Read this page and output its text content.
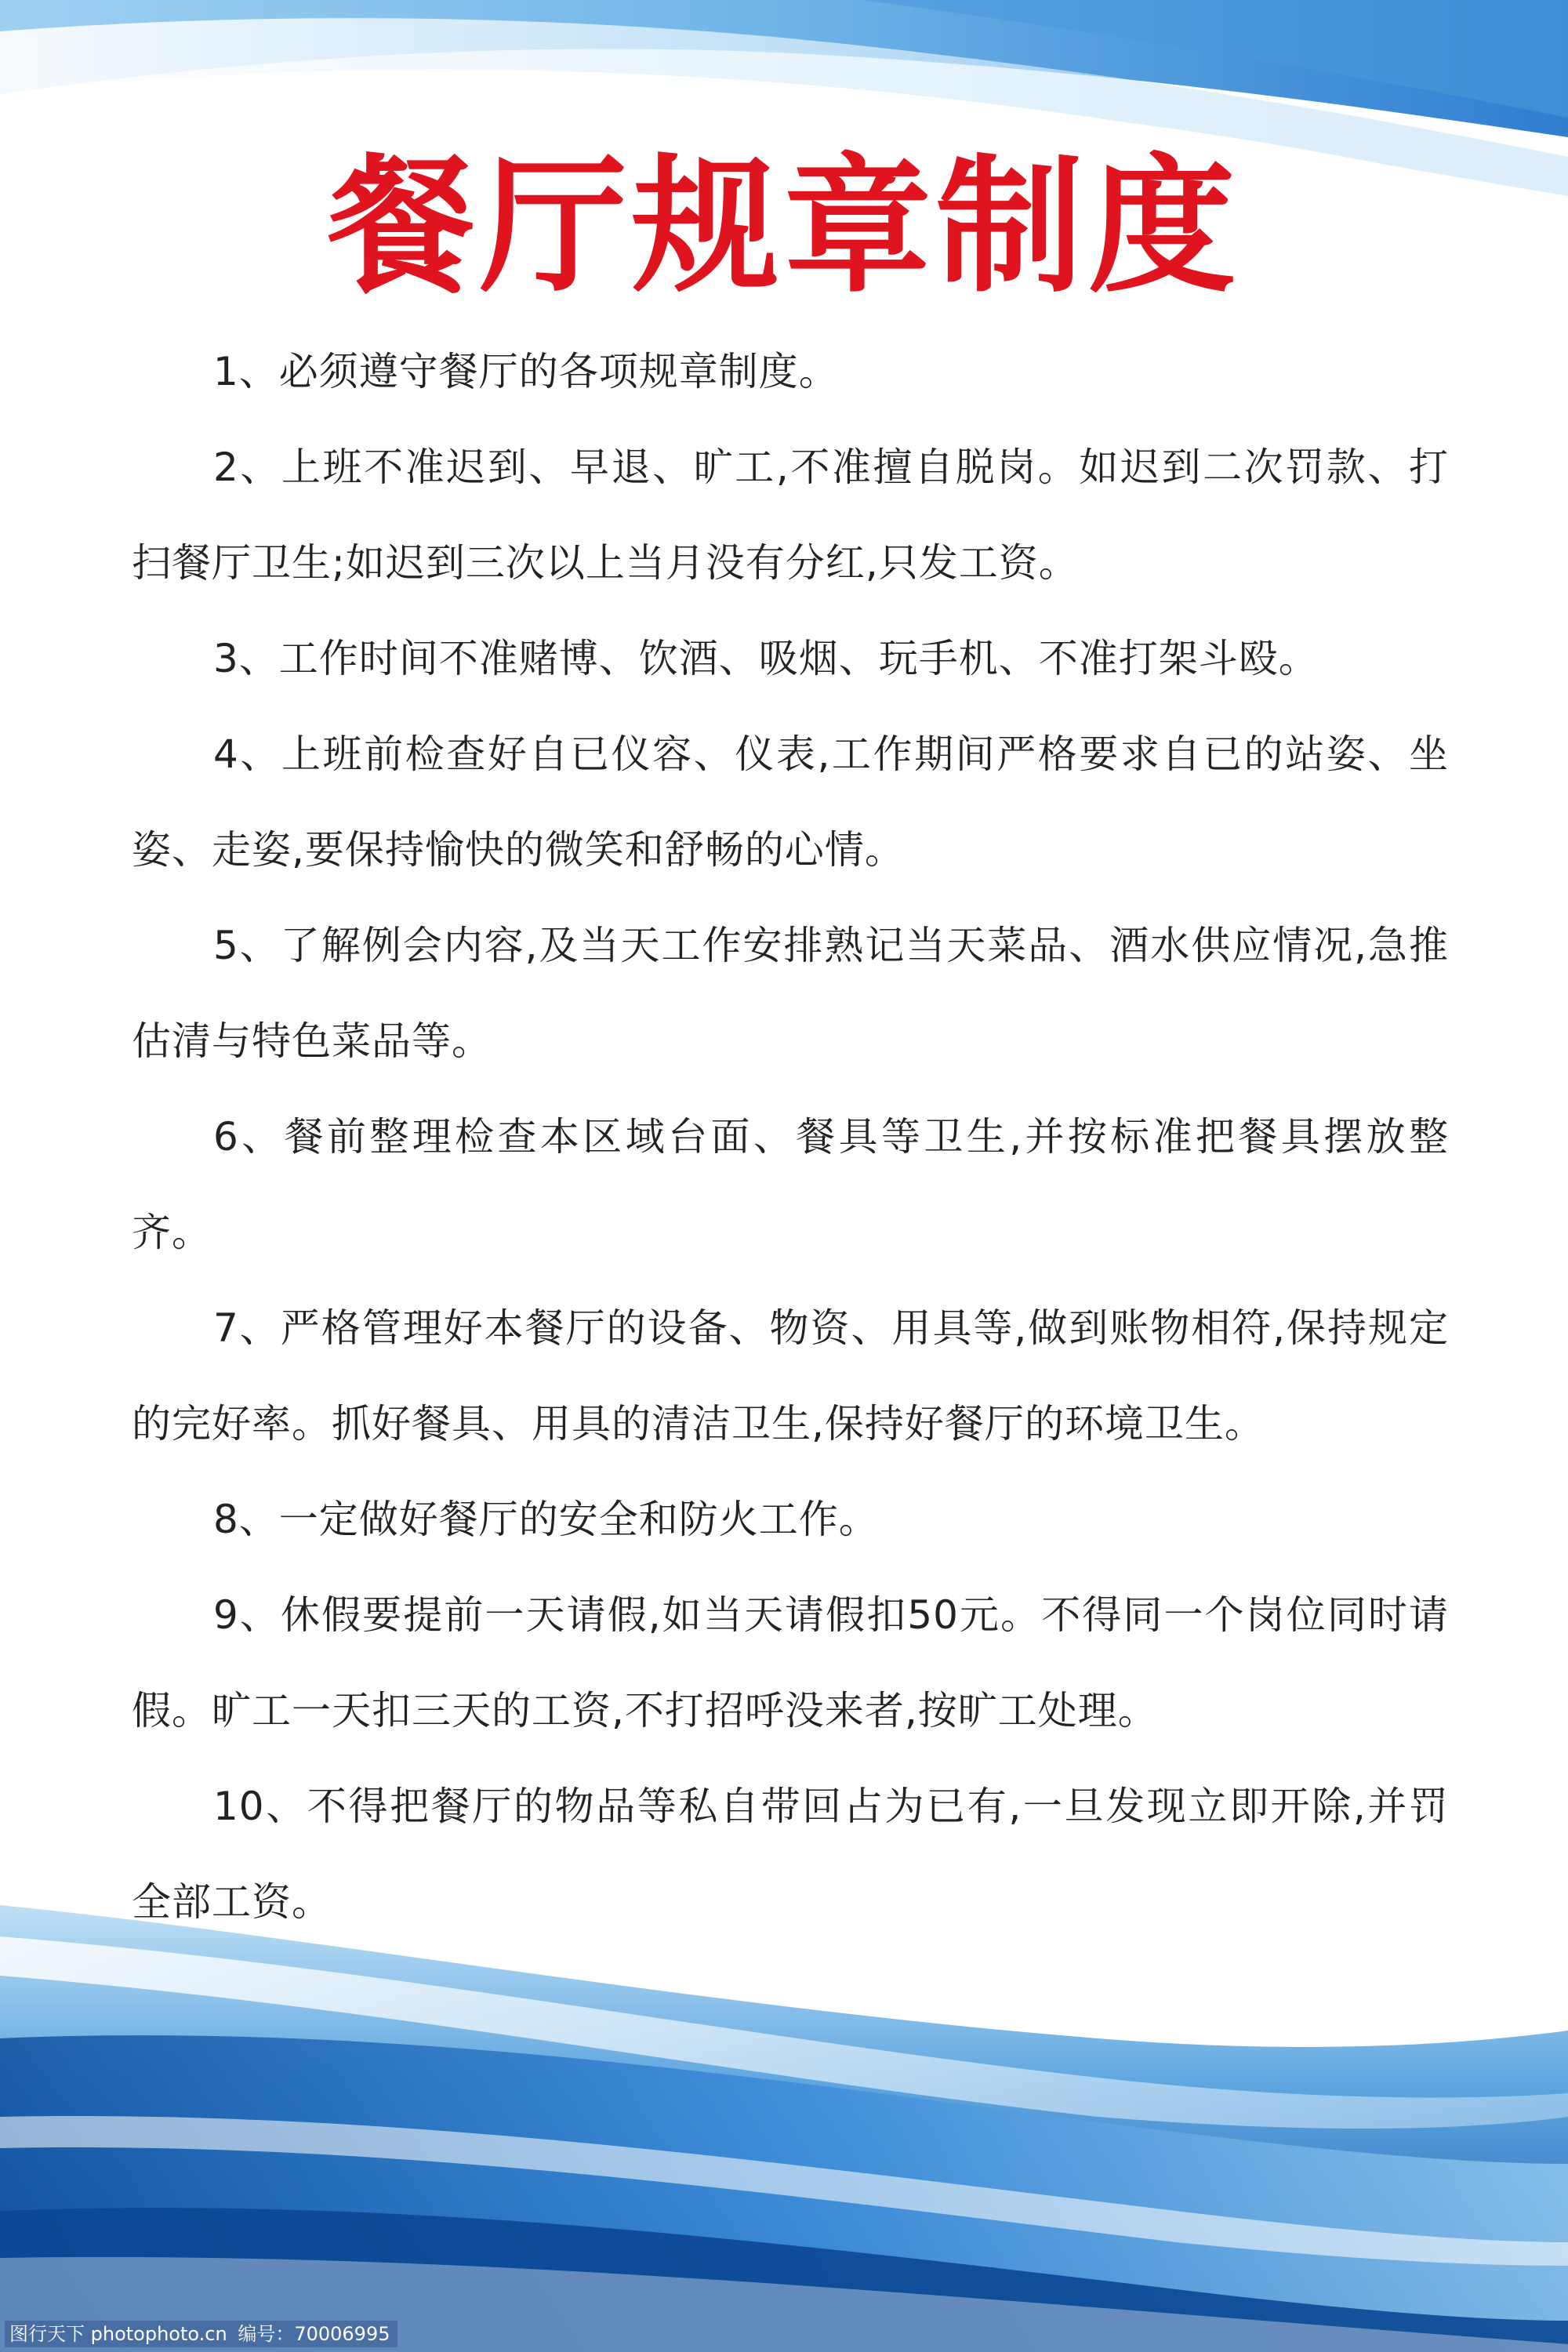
餐厅规章制度
1、必须遵守餐厅的各项规章制度。
2、上班不准迟到、早退、旷工,不准擅自脱岗。如迟到二次罚款、打扫餐厅卫生;如迟到三次以上当月没有分红,只发工资。
3、工作时间不准赌博、饮酒、吸烟、玩手机、不准打架斗殴。
4、上班前检查好自已仪容、仪表,工作期间严格要求自已的站姿、坐姿、走姿,要保持愉快的微笑和舒畅的心情。
5、了解例会内容,及当天工作安排熟记当天菜品、酒水供应情况,急推估清与特色菜品等。
6、餐前整理检查本区域台面、餐具等卫生,并按标准把餐具摆放整齐。
7、严格管理好本餐厅的设备、物资、用具等,做到账物相符,保持规定的完好率。抓好餐具、用具的清洁卫生,保持好餐厅的环境卫生。
8、一定做好餐厅的安全和防火工作。
9、休假要提前一天请假,如当天请假扣50元。不得同一个岗位同时请假。旷工一天扣三天的工资,不打招呼没来者,按旷工处理。
10、不得把餐厅的物品等私自带回占为已有,一旦发现立即开除,并罚全部工资。
图行天下 photophoto.cn 编号：70006995
